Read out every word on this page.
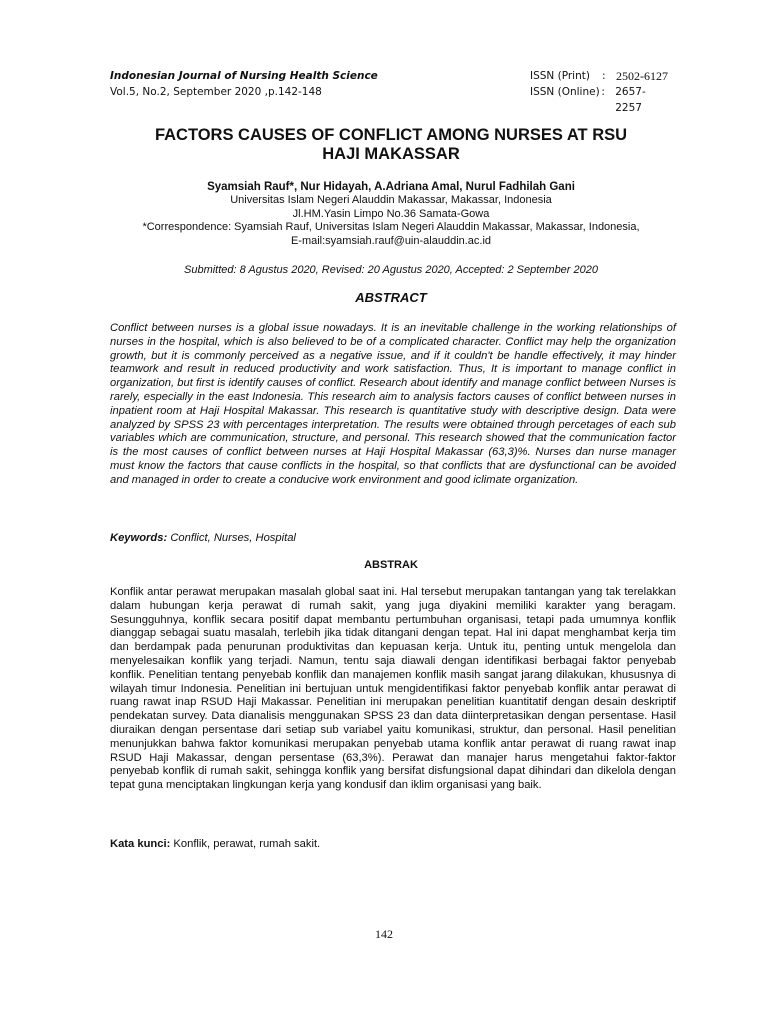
Indonesian Journal of Nursing Health Science
Vol.5, No.2, September 2020 ,p.142-148
ISSN (Print)	: 2502-6127
ISSN (Online) : 2657-2257
FACTORS CAUSES OF CONFLICT AMONG NURSES AT RSU
HAJI MAKASSAR
Syamsiah Rauf*, Nur Hidayah, A.Adriana Amal, Nurul Fadhilah Gani
Universitas Islam Negeri Alauddin Makassar, Makassar, Indonesia
Jl.HM.Yasin Limpo No.36 Samata-Gowa
*Correspondence: Syamsiah Rauf, Universitas Islam Negeri Alauddin Makassar, Makassar, Indonesia,
E-mail:syamsiah.rauf@uin-alauddin.ac.id
Submitted: 8 Agustus 2020, Revised: 20 Agustus 2020, Accepted: 2 September 2020
ABSTRACT

Conflict between nurses is a global issue nowadays. It is an inevitable challenge in the working relationships of nurses in the hospital, which is also believed to be of a complicated character. Conflict may help the organization growth, but it is commonly perceived as a negative issue, and if it couldn't be handle effectively, it may hinder teamwork and result in reduced productivity and work satisfaction. Thus, It is important to manage conflict in organization, but first is identify causes of conflict. Research about identify and manage conflict between Nurses is rarely, especially in the east Indonesia. This research aim to analysis factors causes of conflict between nurses in inpatient room at Haji Hospital Makassar. This research is quantitative study with descriptive design. Data were analyzed by SPSS 23 with percentages interpretation. The results were obtained through percetages of each sub variables which are communication, structure, and personal. This research showed that the communication factor is the most causes of conflict between nurses at Haji Hospital Makassar (63,3)%. Nurses dan nurse manager must know the factors that cause conflicts in the hospital, so that conflicts that are dysfunctional can be avoided and managed in order to create a conducive work environment and good iclimate organization.

Keywords: Conflict, Nurses, Hospital
ABSTRAK

Konflik antar perawat merupakan masalah global saat ini. Hal tersebut merupakan tantangan yang tak terelakkan dalam hubungan kerja perawat di rumah sakit, yang juga diyakini memiliki karakter yang beragam. Sesungguhnya, konflik secara positif dapat membantu pertumbuhan organisasi, tetapi pada umumnya konflik dianggap sebagai suatu masalah, terlebih jika tidak ditangani dengan tepat. Hal ini dapat menghambat kerja tim dan berdampak pada penurunan produktivitas dan kepuasan kerja. Untuk itu, penting untuk mengelola dan menyelesaikan konflik yang terjadi. Namun, tentu saja diawali dengan identifikasi berbagai faktor penyebab konflik. Penelitian tentang penyebab konflik dan manajemen konflik masih sangat jarang dilakukan, khususnya di wilayah timur Indonesia. Penelitian ini bertujuan untuk mengidentifikasi faktor penyebab konflik antar perawat di ruang rawat inap RSUD Haji Makassar. Penelitian ini merupakan penelitian kuantitatif dengan desain deskriptif pendekatan survey. Data dianalisis menggunakan SPSS 23 dan data diinterpretasikan dengan persentase. Hasil diuraikan dengan persentase dari setiap sub variabel yaitu komunikasi, struktur, dan personal. Hasil penelitian menunjukkan bahwa faktor komunikasi merupakan penyebab utama konflik antar perawat di ruang rawat inap RSUD Haji Makassar, dengan persentase (63,3%). Perawat dan manajer harus mengetahui faktor-faktor penyebab konflik di rumah sakit, sehingga konflik yang bersifat disfungsional dapat dihindari dan dikelola dengan tepat guna menciptakan lingkungan kerja yang kondusif dan iklim organisasi yang baik.

Kata kunci: Konflik, perawat, rumah sakit.
142
